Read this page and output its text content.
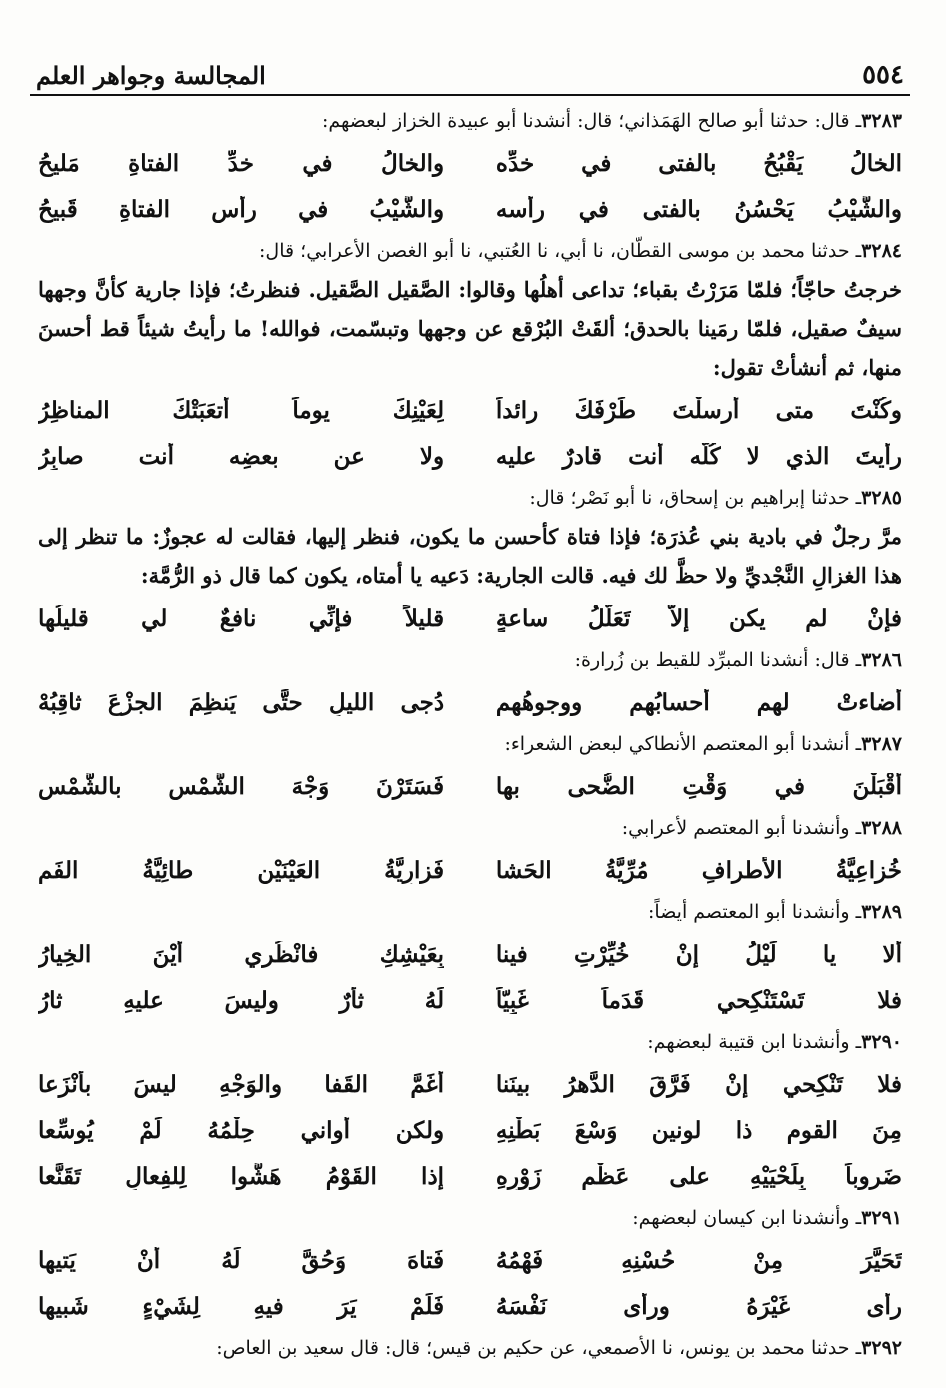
٥٥٤
المجالسة وجواهر العلم
٣٢٨٣ـ قال: حدثنا أبو صالح الهَمَذاني؛ قال: أنشدنا أبو عبيدة الخزاز لبعضهم:
الخالُ يَقْبُحُ بالفتى في خدِّه
والخالُ في خدِّ الفتاةِ مَليحُ
والشَّيْبُ يَحْسُنُ بالفتى في رأسه
والشَّيْبُ في رأسِ الفتاةِ قَبيحُ
٣٢٨٤ـ حدثنا محمد بن موسى القطّان، نا أبي، نا العُتبي، نا أبو الغصن الأعرابي؛ قال:
خرجتُ حاجّاً؛ فلمّا مَرَرْتُ بقباء؛ تداعى أهلُها وقالوا: الصَّقيل الصَّقيل. فنظرتُ؛ فإذا جارية كأنَّ وجهها سيفٌ صقيل، فلمّا رمَينا بالحدق؛ ألقَتْ البُرْقع عن وجهها وتبسّمت، فوالله! ما رأيتُ شيئاً قط أحسنَ منها، ثم أنشأتْ تقول:
وكُنْتَ متى أرسلْتَ طَرْفَكَ رائداً
لِعَيْنِكَ يوماً أتعَبَتْكَ المناظِرُ
رأيتَ الذي لا كُلُّه أنت قادرٌ عليه
ولا عن بعضِه أنت صابِرُ
٣٢٨٥ـ حدثنا إبراهيم بن إسحاق، نا أبو نَصْر؛ قال:
مرَّ رجلٌ في بادية بني عُذرَة؛ فإذا فتاة كأحسن ما يكون، فنظر إليها، فقالت له عجوزٌ: ما تنظر إلى هذا الغزالِ النَّجْديِّ ولا حظَّ لك فيه. قالت الجارية: دَعيه يا أمتاه، يكون كما قال ذو الرُّمَّة:
فإنْ لم يكن إلاَّ تَعَلُّلُ ساعةٍ
قليلاً فإنِّي نافعٌ لي قليلُها
٣٢٨٦ـ قال: أنشدنا المبرِّد للقيط بن زُرارة:
أضاءتْ لهم أحسابُهم ووجوهُهم
دُجى الليلِ حتَّى يَنظِمَ الجزْعَ ثاقِبُهْ
٣٢٨٧ـ أنشدنا أبو المعتصم الأنطاكي لبعض الشعراء:
أقْبَلْنَ في وَقْتِ الضُّحى بها
فَسَتَرْنَ وَجْهَ الشَّمْسِ بالشَّمْسِ
٣٢٨٨ـ وأنشدنا أبو المعتصم لأعرابي:
خُزاعِيَّةُ الأطرافِ مُرِّيَّةُ الحَشا
فَزارِيَّةُ العَيْنَيْنِ طائِيَّةُ الفَمِ
٣٢٨٩ـ وأنشدنا أبو المعتصم أيضاً:
ألا يا لَيْلُ إنْ خُيِّرْتِ فينا
بِعَيْشِكِ فانْظُري أيْنَ الخِيارُ
فلا تَسْتَنْكِحي قَدَماً غَبِيّاً
لَهُ ثأرٌ وليسَ عليهِ ثارُ
٣٢٩٠ـ وأنشدنا ابن قتيبة لبعضهم:
فلا تَنْكِحي إنْ فَرَّقَ الدَّهرُ بينَنا
أغَمَّ القَفا والوَجْهِ ليسَ بأنْزَعا
مِنَ القومِ ذا لونينِ وَسْعَ بَطْنِهِ
ولكن أواني حِلْمُهُ لَمْ يُوسِّعا
ضَروباً بِلَحْيَيْهِ على عَظْمِ زَوْرِهِ
إذا القَوْمُ هَشُّوا لِلفِعالِ تَقَنَّعا
٣٢٩١ـ وأنشدنا ابن كيسان لبعضهم:
تَحَيَّرَ مِنْ حُسْنِهِ فَهْمُهُ
فَتاهَ وَحُقَّ لَهُ أنْ يَتيها
رأى غَيْرَهُ ورأى نَفْسَهُ
فَلَمْ يَرَ فيهِ لِشَيْءٍ شَبيها
٣٢٩٢ـ حدثنا محمد بن يونس، نا الأصمعي، عن حكيم بن قيس؛ قال: قال سعيد بن العاص:
